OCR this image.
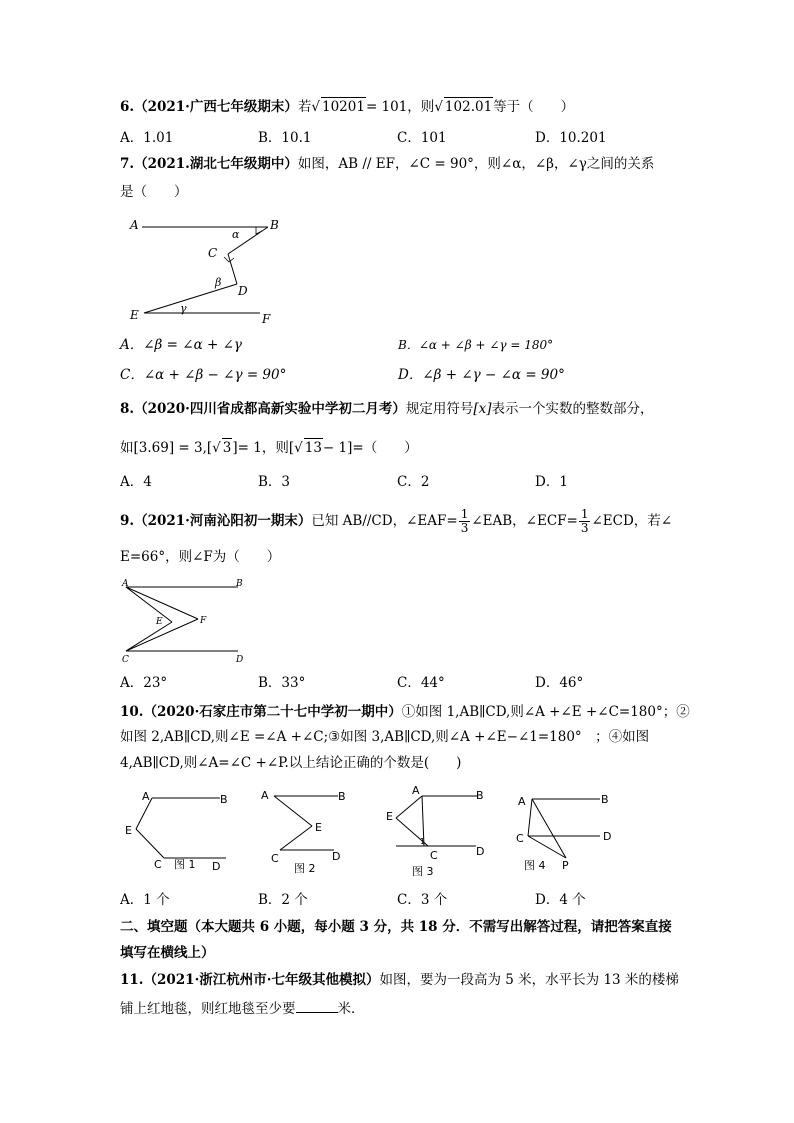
6.（2021·广西七年级期末）若√ 10201= 101，则√ 102.01等于（　　）
A．1.01	B．10.1	C．101	D．10.201
7.（2021.湖北七年级期中）如图，AB // EF，∠C = 90°，则∠α，∠β，∠γ之间的关系
是（　　）
A	B
C
D
E	F
α
β
γ
A．∠β = ∠α + ∠γ	B．∠α + ∠β + ∠γ = 180°
C．∠α + ∠β − ∠γ = 90°	D．∠β + ∠γ − ∠α = 90°
8.（2020·四川省成都高新实验中学初二月考）规定用符号[x]表示一个实数的整数部分，
如[3.69] = 3,[√ 3]= 1，则[√ 13− 1]=（　　）
A．4	B．3	C．2	D．1
9.（2021·河南沁阳初一期末）已知 AB//CD，∠EAF= $\frac{1}{3}$ ∠EAB，∠ECF= $\frac{1}{3}$ ∠ECD，若∠
E=66°，则∠F为（　　）
A	B
E	F
C	D
A．23°	B．33°	C．44°	D．46°
10.（2020·石家庄市第二十七中学初一期中）①如图 1,AB∥CD,则∠A +∠E +∠C=180°；②
如图 2,AB∥CD,则∠E =∠A +∠C;③如图 3,AB∥CD,则∠A +∠E−∠1=180°　；④如图
4,AB∥CD,则∠A=∠C +∠P.以上结论正确的个数是(　　)
A	B
E
C	D
图 1
A	B
E
C	D
图 2
A	B
E
1
C	D
图 3
A	B
C	D
P
图 4
A．1 个	B．2 个	C．3 个	D．4 个
二、填空题（本大题共 6 小题，每小题 3 分，共 18 分．不需写出解答过程，请把答案直接
填写在横线上）
11.（2021·浙江杭州市·七年级其他模拟）如图，要为一段高为 5 米，水平长为 13 米的楼梯
铺上红地毯，则红地毯至少要	米．
